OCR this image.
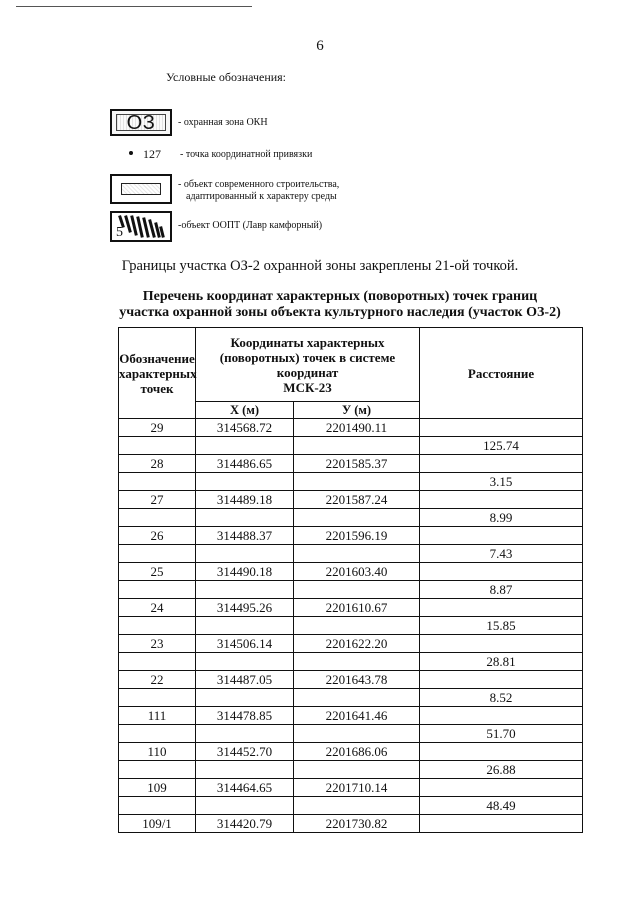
6
Условные обозначения:
ОЗ - охранная зона ОКН
127 - точка координатной привязки
- объект современного строительства,
адаптированный к характеру среды
5	-объект ООПТ (Лавр камфорный)
Границы участка ОЗ-2 охранной зоны закреплены 21-ой точкой.
Перечень координат характерных (поворотных) точек границ
участка охранной зоны объекта культурного наследия (участок ОЗ-2)
Обозначение характерных точек	Координаты характерных (поворотных) точек в системе координат
МСК-23		Расстояние
	Х (м)	У (м)	
29	314568.72	2201490.11	
			125.74
28	314486.65	2201585.37	
			3.15
27	314489.18	2201587.24	
			8.99
26	314488.37	2201596.19	
			7.43
25	314490.18	2201603.40	
			8.87
24	314495.26	2201610.67	
			15.85
23	314506.14	2201622.20	
			28.81
22	314487.05	2201643.78	
			8.52
111	314478.85	2201641.46	
			51.70
110	314452.70	2201686.06	
			26.88
109	314464.65	2201710.14	
			48.49
109/1	314420.79	2201730.82	
